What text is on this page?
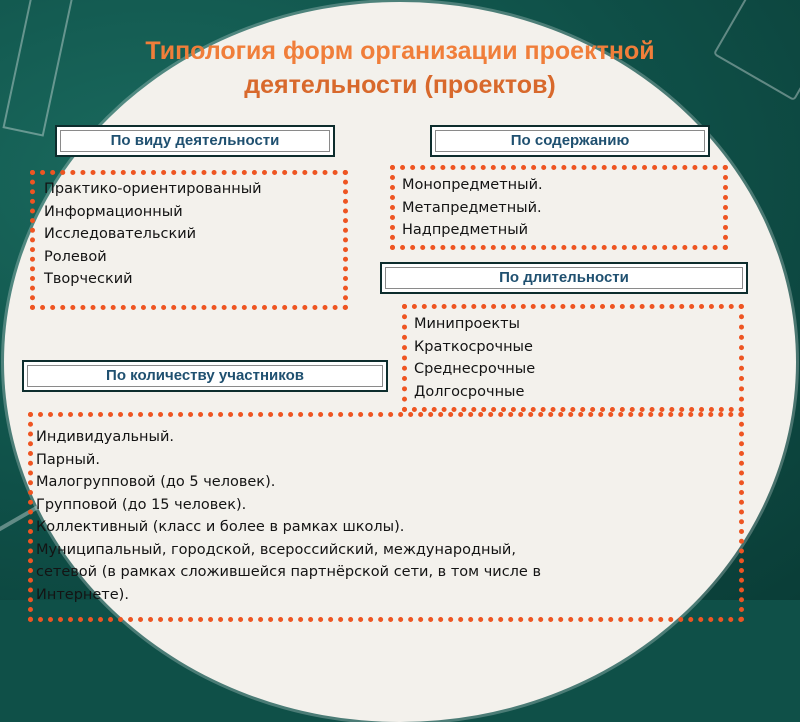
Типология форм организации проектной
деятельности (проектов)
По виду деятельности
Практико-ориентированный
Информационный
Исследовательский
Ролевой
Творческий
По содержанию
Монопредметный.
Метапредметный.
Надпредметный
По длительности
Минипроекты
Краткосрочные
Среднесрочные
Долгосрочные
По количеству участников
Индивидуальный.
Парный.
Малогрупповой (до 5 человек).
Групповой (до 15 человек).
Коллективный (класс и более в рамках школы).
Муниципальный, городской, всероссийский, международный,
сетевой (в рамках сложившейся партнёрской сети, в том числе в
Интернете).
